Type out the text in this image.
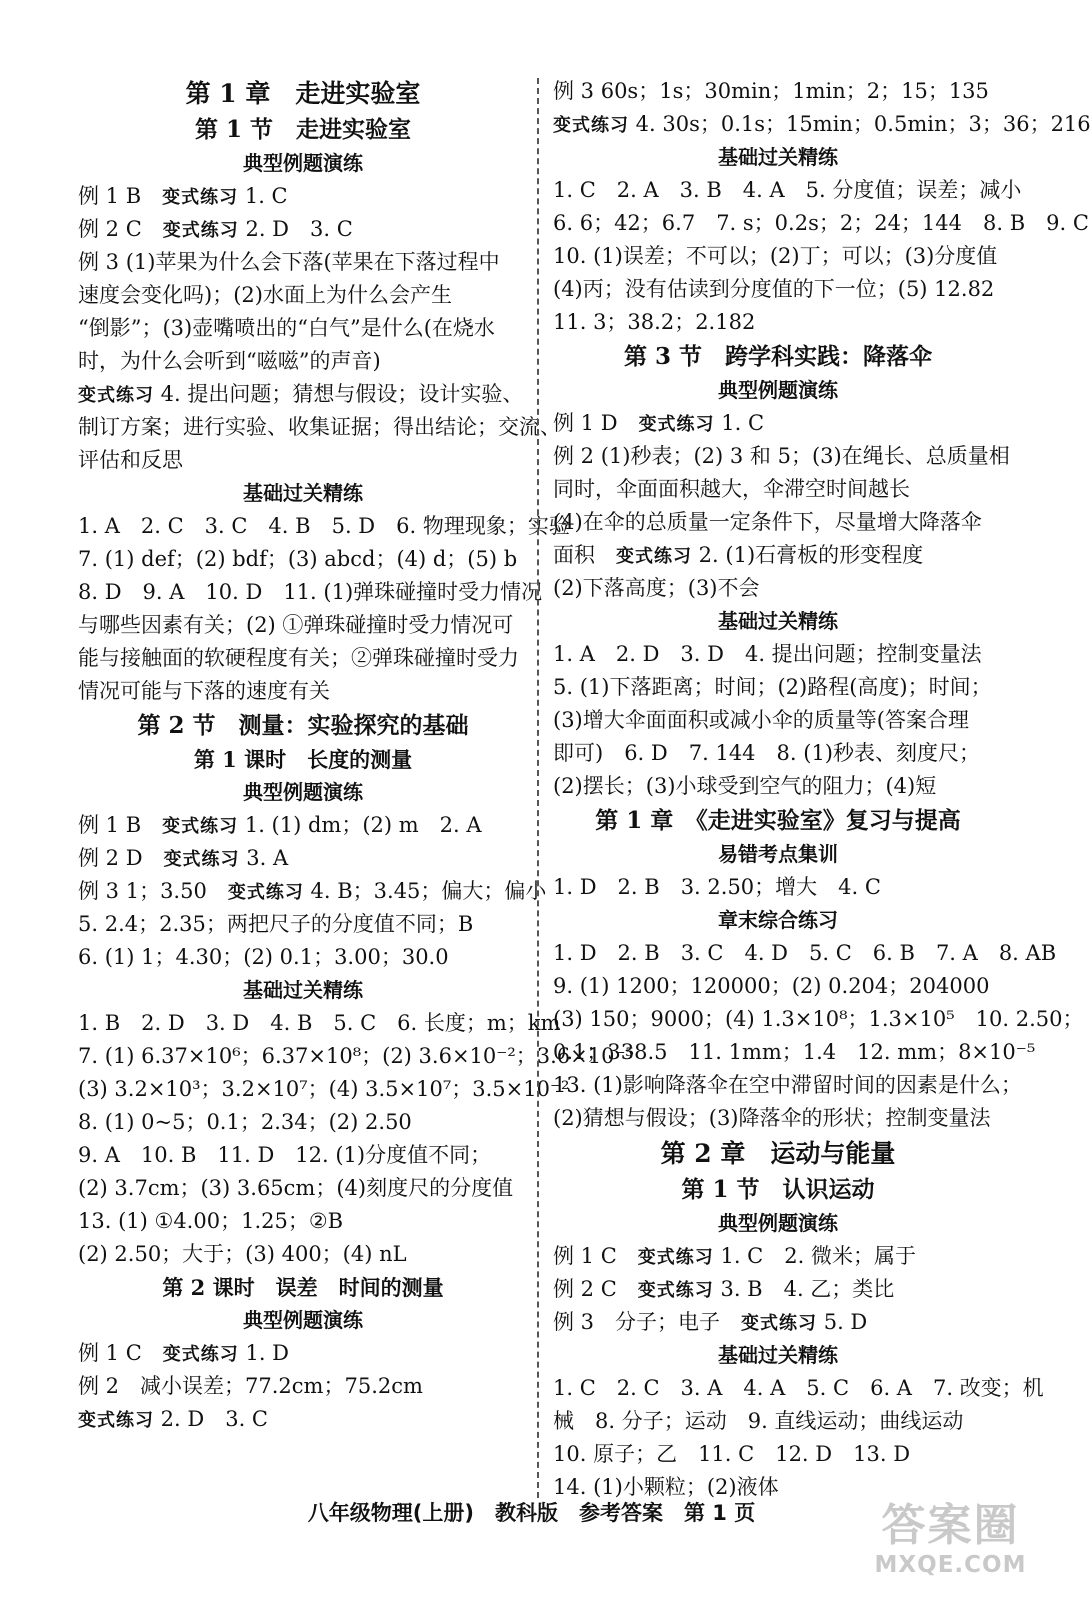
第 1 章　走进实验室
第 1 节　走进实验室
典型例题演练
例 1 B　变式练习 1. C
例 2 C　变式练习 2. D　3. C
例 3 (1)苹果为什么会下落(苹果在下落过程中
速度会变化吗)；(2)水面上为什么会产生
“倒影”；(3)壶嘴喷出的“白气”是什么(在烧水
时，为什么会听到“嗞嗞”的声音)
变式练习 4. 提出问题；猜想与假设；设计实验、
制订方案；进行实验、收集证据；得出结论；交流、
评估和反思
基础过关精练
1. A　2. C　3. C　4. B　5. D　6. 物理现象；实验
7. (1) def；(2) bdf；(3) abcd；(4) d；(5) b
8. D　9. A　10. D　11. (1)弹珠碰撞时受力情况
与哪些因素有关；(2) ①弹珠碰撞时受力情况可
能与接触面的软硬程度有关；②弹珠碰撞时受力
情况可能与下落的速度有关
第 2 节　测量：实验探究的基础
第 1 课时　长度的测量
典型例题演练
例 1 B　变式练习 1. (1) dm；(2) m　2. A
例 2 D　变式练习 3. A
例 3 1；3.50　变式练习 4. B；3.45；偏大；偏小
5. 2.4；2.35；两把尺子的分度值不同；B
6. (1) 1；4.30；(2) 0.1；3.00；30.0
基础过关精练
1. B　2. D　3. D　4. B　5. C　6. 长度；m；km
7. (1) 6.37×10⁶；6.37×10⁸；(2) 3.6×10⁻²；3.6×10⁻⁵
(3) 3.2×10³；3.2×10⁷；(4) 3.5×10⁷；3.5×10⁻²
8. (1) 0~5；0.1；2.34；(2) 2.50
9. A　10. B　11. D　12. (1)分度值不同；
(2) 3.7cm；(3) 3.65cm；(4)刻度尺的分度值
13. (1) ①4.00；1.25；②B
(2) 2.50；大于；(3) 400；(4) nL
第 2 课时　误差　时间的测量
典型例题演练
例 1 C　变式练习 1. D
例 2　减小误差；77.2cm；75.2cm
变式练习 2. D　3. C
例 3 60s；1s；30min；1min；2；15；135
变式练习 4. 30s；0.1s；15min；0.5min；3；36；216
基础过关精练
1. C　2. A　3. B　4. A　5. 分度值；误差；减小
6. 6；42；6.7　7. s；0.2s；2；24；144　8. B　9. C
10. (1)误差；不可以；(2)丁；可以；(3)分度值
(4)丙；没有估读到分度值的下一位；(5) 12.82
11. 3；38.2；2.182
第 3 节　跨学科实践：降落伞
典型例题演练
例 1 D　变式练习 1. C
例 2 (1)秒表；(2) 3 和 5；(3)在绳长、总质量相
同时，伞面面积越大，伞滞空时间越长
(4)在伞的总质量一定条件下，尽量增大降落伞
面积　变式练习 2. (1)石膏板的形变程度
(2)下落高度；(3)不会
基础过关精练
1. A　2. D　3. D　4. 提出问题；控制变量法
5. (1)下落距离；时间；(2)路程(高度)；时间；
(3)增大伞面面积或减小伞的质量等(答案合理
即可)　6. D　7. 144　8. (1)秒表、刻度尺；
(2)摆长；(3)小球受到空气的阻力；(4)短
第 1 章　《走进实验室》复习与提高
易错考点集训
1. D　2. B　3. 2.50；增大　4. C
章末综合练习
1. D　2. B　3. C　4. D　5. C　6. B　7. A　8. AB
9. (1) 1200；120000；(2) 0.204；204000
(3) 150；9000；(4) 1.3×10⁸；1.3×10⁵　10. 2.50；
0.1；338.5　11. 1mm；1.4　12. mm；8×10⁻⁵
13. (1)影响降落伞在空中滞留时间的因素是什么；
(2)猜想与假设；(3)降落伞的形状；控制变量法
第 2 章　运动与能量
第 1 节　认识运动
典型例题演练
例 1 C　变式练习 1. C　2. 微米；属于
例 2 C　变式练习 3. B　4. 乙；类比
例 3　分子；电子　变式练习 5. D
基础过关精练
1. C　2. C　3. A　4. A　5. C　6. A　7. 改变；机
械　8. 分子；运动　9. 直线运动；曲线运动
10. 原子；乙　11. C　12. D　13. D
14. (1)小颗粒；(2)液体
八年级物理(上册)　教科版　参考答案　第 1 页	答案圈
MXQE.COM
